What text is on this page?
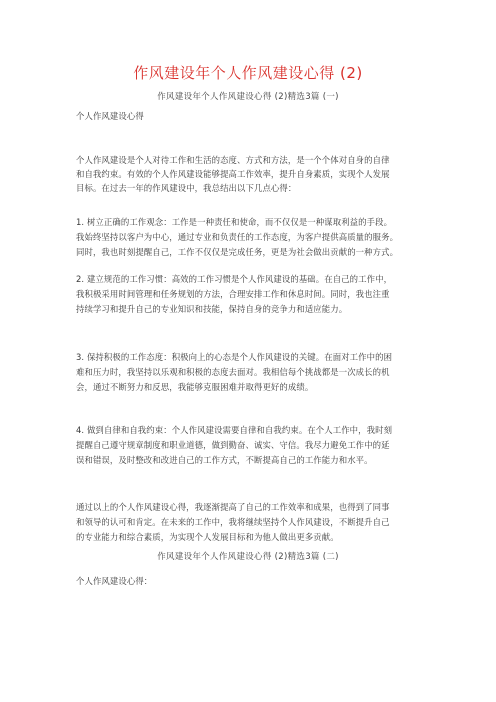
作风建设年个人作风建设心得 (2)
作风建设年个人作风建设心得 (2)精选3篇 (一)
个人作风建设心得
个人作风建设是个人对待工作和生活的态度、方式和方法，是一个个体对自身的自律
和自我约束。有效的个人作风建设能够提高工作效率，提升自身素质，实现个人发展
目标。在过去一年的作风建设中，我总结出以下几点心得：
1. 树立正确的工作观念：工作是一种责任和使命，而不仅仅是一种谋取利益的手段。
我始终坚持以客户为中心，通过专业和负责任的工作态度，为客户提供高质量的服务。
同时，我也时刻提醒自己，工作不仅仅是完成任务，更是为社会做出贡献的一种方式。
2. 建立规范的工作习惯：高效的工作习惯是个人作风建设的基础。在自己的工作中，
我积极采用时间管理和任务规划的方法，合理安排工作和休息时间。同时，我也注重
持续学习和提升自己的专业知识和技能，保持自身的竞争力和适应能力。
3. 保持积极的工作态度：积极向上的心态是个人作风建设的关键。在面对工作中的困
难和压力时，我坚持以乐观和积极的态度去面对。我相信每个挑战都是一次成长的机
会，通过不断努力和反思，我能够克服困难并取得更好的成绩。
4. 做到自律和自我约束：个人作风建设需要自律和自我约束。在个人工作中，我时刻
提醒自己遵守规章制度和职业道德，做到勤奋、诚实、守信。我尽力避免工作中的延
误和错误，及时整改和改进自己的工作方式，不断提高自己的工作能力和水平。
通过以上的个人作风建设心得，我逐渐提高了自己的工作效率和成果，也得到了同事
和领导的认可和肯定。在未来的工作中，我将继续坚持个人作风建设，不断提升自己
的专业能力和综合素质，为实现个人发展目标和为他人做出更多贡献。
作风建设年个人作风建设心得 (2)精选3篇 (二)
个人作风建设心得：
